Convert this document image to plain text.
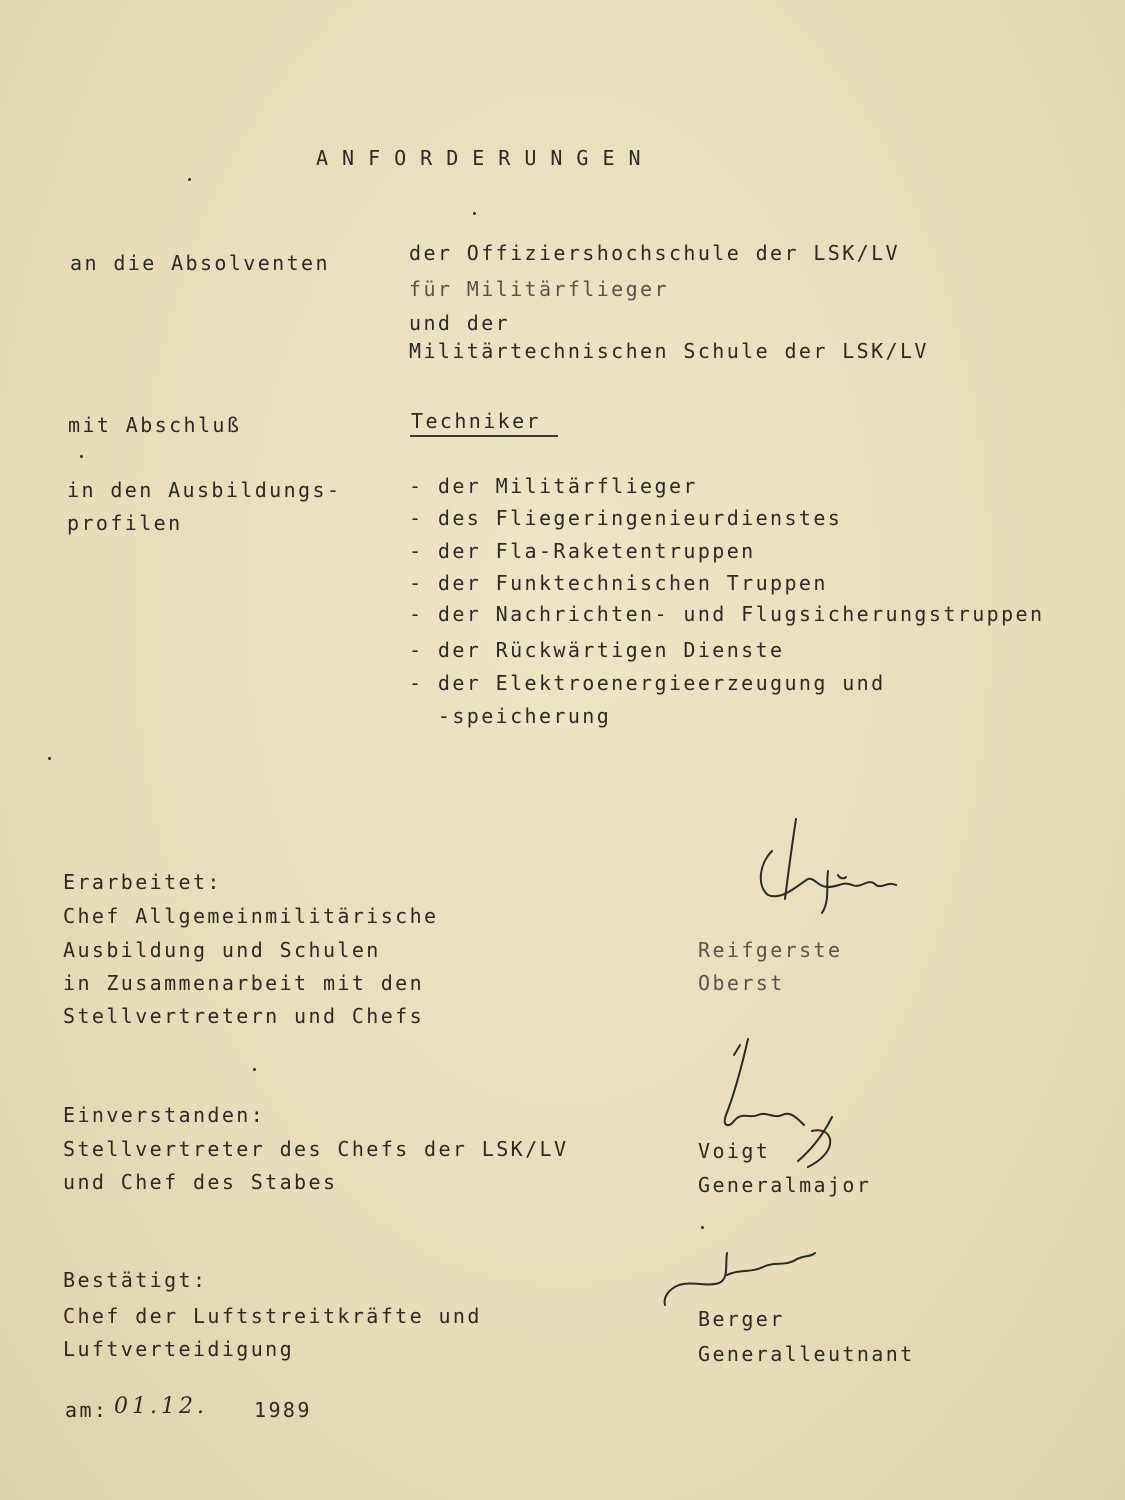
ANFORDERUNGEN
an die Absolventen	der Offiziershochschule der LSK/LV
für Militärflieger
und der
Militärtechnischen Schule der LSK/LV
mit Abschluß	Techniker
in den Ausbildungs-
profilen
- der Militärflieger
- des Fliegeringenieurdienstes
- der Fla-Raketentruppen
- der Funktechnischen Truppen
- der Nachrichten- und Flugsicherungstruppen
- der Rückwärtigen Dienste
- der Elektroenergieerzeugung und
-speicherung
Erarbeitet:
Chef Allgemeinmilitärische
Ausbildung und Schulen
in Zusammenarbeit mit den
Stellvertretern und Chefs
Reifgerste
Oberst
Einverstanden:
Stellvertreter des Chefs der LSK/LV
und Chef des Stabes
Voigt
Generalmajor
Bestätigt:
Chef der Luftstreitkräfte und
Luftverteidigung
Berger
Generalleutnant
am: 01.12. 1989
